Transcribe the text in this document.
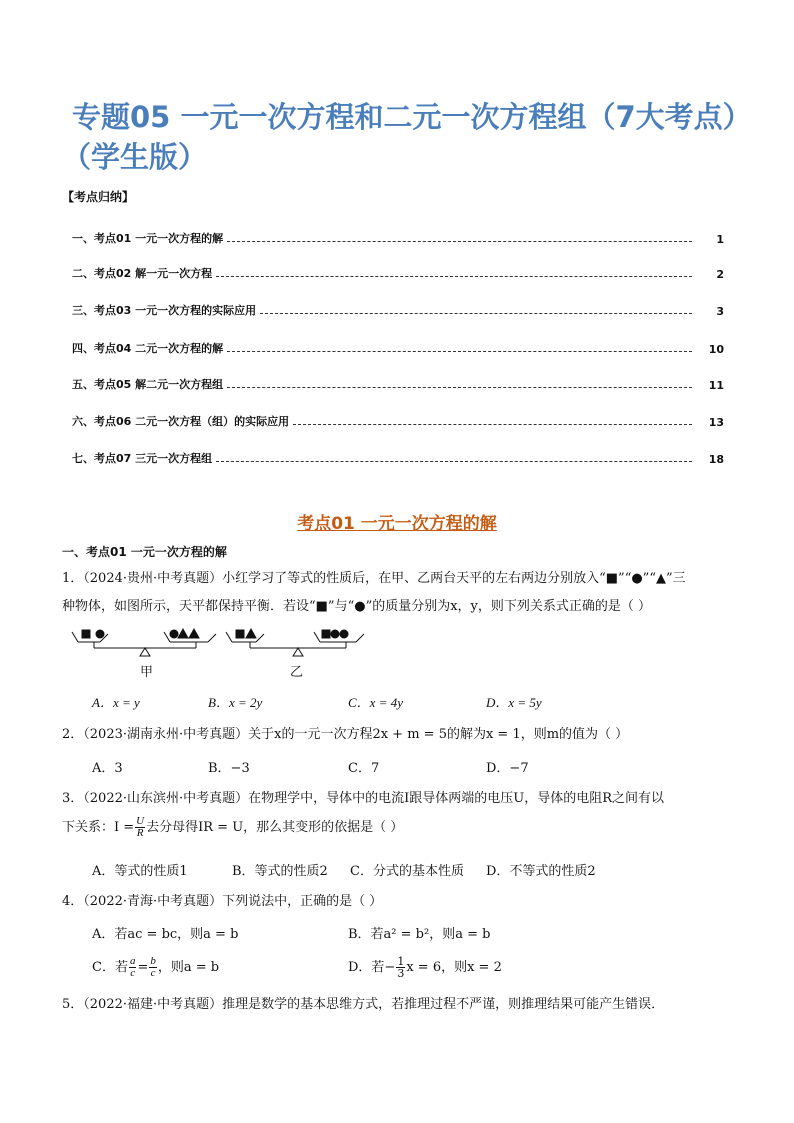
专题05 一元一次方程和二元一次方程组（7大考点）
（学生版）
【考点归纳】
一、考点01 一元一次方程的解	1
二、考点02 解一元一次方程	2
三、考点03 一元一次方程的实际应用	3
四、考点04 二元一次方程的解	10
五、考点05 解二元一次方程组	11
六、考点06 二元一次方程（组）的实际应用	13
七、考点07 三元一次方程组	18
考点01 一元一次方程的解
一、考点01 一元一次方程的解
1．（2024·贵州·中考真题）小红学习了等式的性质后，在甲、乙两台天平的左右两边分别放入“■”“●”“▲”三
种物体，如图所示，天平都保持平衡．若设“■”与“●”的质量分别为x，y，则下列关系式正确的是（ ）
甲	乙
A．x = y	B．x = 2y	C．x = 4y	D．x = 5y
2．（2023·湖南永州·中考真题）关于x的一元一次方程2x + m = 5的解为x = 1，则m的值为（ ）
A．3	B．−3	C．7	D．−7
3．（2022·山东滨州·中考真题）在物理学中，导体中的电流I跟导体两端的电压U，导体的电阻R之间有以
下关系：$I = \frac{U}{R}$ 去分母得IR = U，那么其变形的依据是（ ）
A．等式的性质1	B．等式的性质2 C．分式的基本性质 D．不等式的性质2
4．（2022·青海·中考真题）下列说法中，正确的是（ ）
A．若ac = bc，则a = b	B．若a² = b²，则a = b
C．若 $\frac{a}{c} = \frac{b}{c}$ ，则a = b	D．若− $\frac{1}{3}$ x = 6，则x = 2
5．（2022·福建·中考真题）推理是数学的基本思维方式，若推理过程不严谨，则推理结果可能产生错误．
